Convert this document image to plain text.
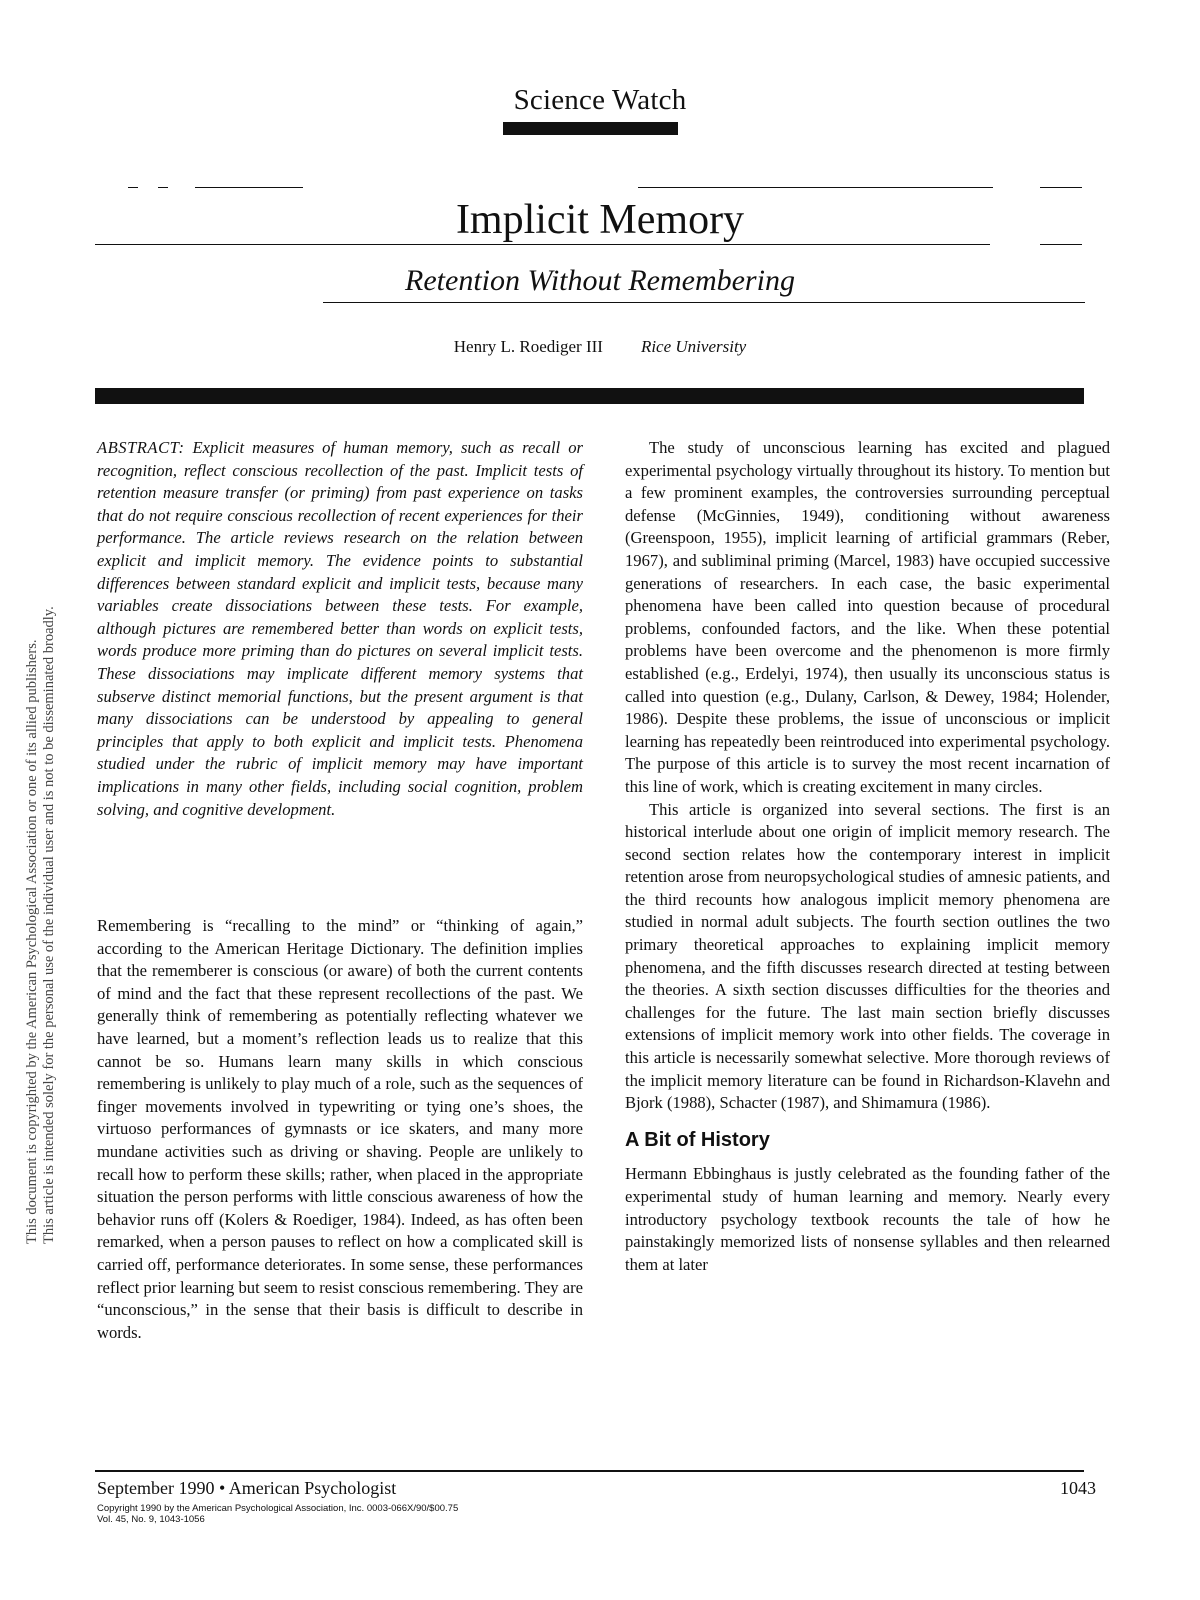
Science Watch
Implicit Memory
Retention Without Remembering
Henry L. Roediger III Rice University

ABSTRACT: Explicit measures of human memory, such as recall or recognition, reflect conscious recollection of the past. Implicit tests of retention measure transfer (or priming) from past experience on tasks that do not require conscious recollection of recent experiences for their performance. The article reviews research on the relation between explicit and implicit memory. The evidence points to substantial differences between standard explicit and implicit tests, because many variables create dissociations between these tests. For example, although pictures are remembered better than words on explicit tests, words produce more priming than do pictures on several implicit tests. These dissociations may implicate different memory systems that subserve distinct memorial functions, but the present argument is that many dissociations can be understood by appealing to general principles that apply to both explicit and implicit tests. Phenomena studied under the rubric of implicit memory may have important implications in many other fields, including social cognition, problem solving, and cognitive development.

Remembering is “recalling to the mind” or “thinking of again,” according to the American Heritage Dictionary. The definition implies that the rememberer is conscious (or aware) of both the current contents of mind and the fact that these represent recollections of the past. We generally think of remembering as potentially reflecting whatever we have learned, but a moment’s reflection leads us to realize that this cannot be so. Humans learn many skills in which conscious remembering is unlikely to play much of a role, such as the sequences of finger movements involved in typewriting or tying one’s shoes, the virtuoso performances of gymnasts or ice skaters, and many more mundane activities such as driving or shaving. People are unlikely to recall how to perform these skills; rather, when placed in the appropriate situation the person performs with little conscious awareness of how the behavior runs off (Kolers & Roediger, 1984). Indeed, as has often been remarked, when a person pauses to reflect on how a complicated skill is carried off, performance deteriorates. In some sense, these performances reflect prior learning but seem to resist conscious remembering. They are “unconscious,” in the sense that their basis is difficult to describe in words.

The study of unconscious learning has excited and plagued experimental psychology virtually throughout its history. To mention but a few prominent examples, the controversies surrounding perceptual defense (McGinnies, 1949), conditioning without awareness (Greenspoon, 1955), implicit learning of artificial grammars (Reber, 1967), and subliminal priming (Marcel, 1983) have occupied successive generations of researchers. In each case, the basic experimental phenomena have been called into question because of procedural problems, confounded factors, and the like. When these potential problems have been overcome and the phenomenon is more firmly established (e.g., Erdelyi, 1974), then usually its unconscious status is called into question (e.g., Dulany, Carlson, & Dewey, 1984; Holender, 1986). Despite these problems, the issue of unconscious or implicit learning has repeatedly been reintroduced into experimental psychology. The purpose of this article is to survey the most recent incarnation of this line of work, which is creating excitement in many circles.

This article is organized into several sections. The first is an historical interlude about one origin of implicit memory research. The second section relates how the contemporary interest in implicit retention arose from neuropsychological studies of amnesic patients, and the third recounts how analogous implicit memory phenomena are studied in normal adult subjects. The fourth section outlines the two primary theoretical approaches to explaining implicit memory phenomena, and the fifth discusses research directed at testing between the theories. A sixth section discusses difficulties for the theories and challenges for the future. The last main section briefly discusses extensions of implicit memory work into other fields. The coverage in this article is necessarily somewhat selective. More thorough reviews of the implicit memory literature can be found in Richardson-Klavehn and Bjork (1988), Schacter (1987), and Shimamura (1986).

A Bit of History

Hermann Ebbinghaus is justly celebrated as the founding father of the experimental study of human learning and memory. Nearly every introductory psychology textbook recounts the tale of how he painstakingly memorized lists of nonsense syllables and then relearned them at later

This document is copyrighted by the American Psychological Association or one of its allied publishers. This article is intended solely for the personal use of the individual user and is not to be disseminated broadly.
September 1990 • American Psychologist	1043
Copyright 1990 by the American Psychological Association, Inc. 0003-066X/90/$00.75
Vol. 45, No. 9, 1043-1056
